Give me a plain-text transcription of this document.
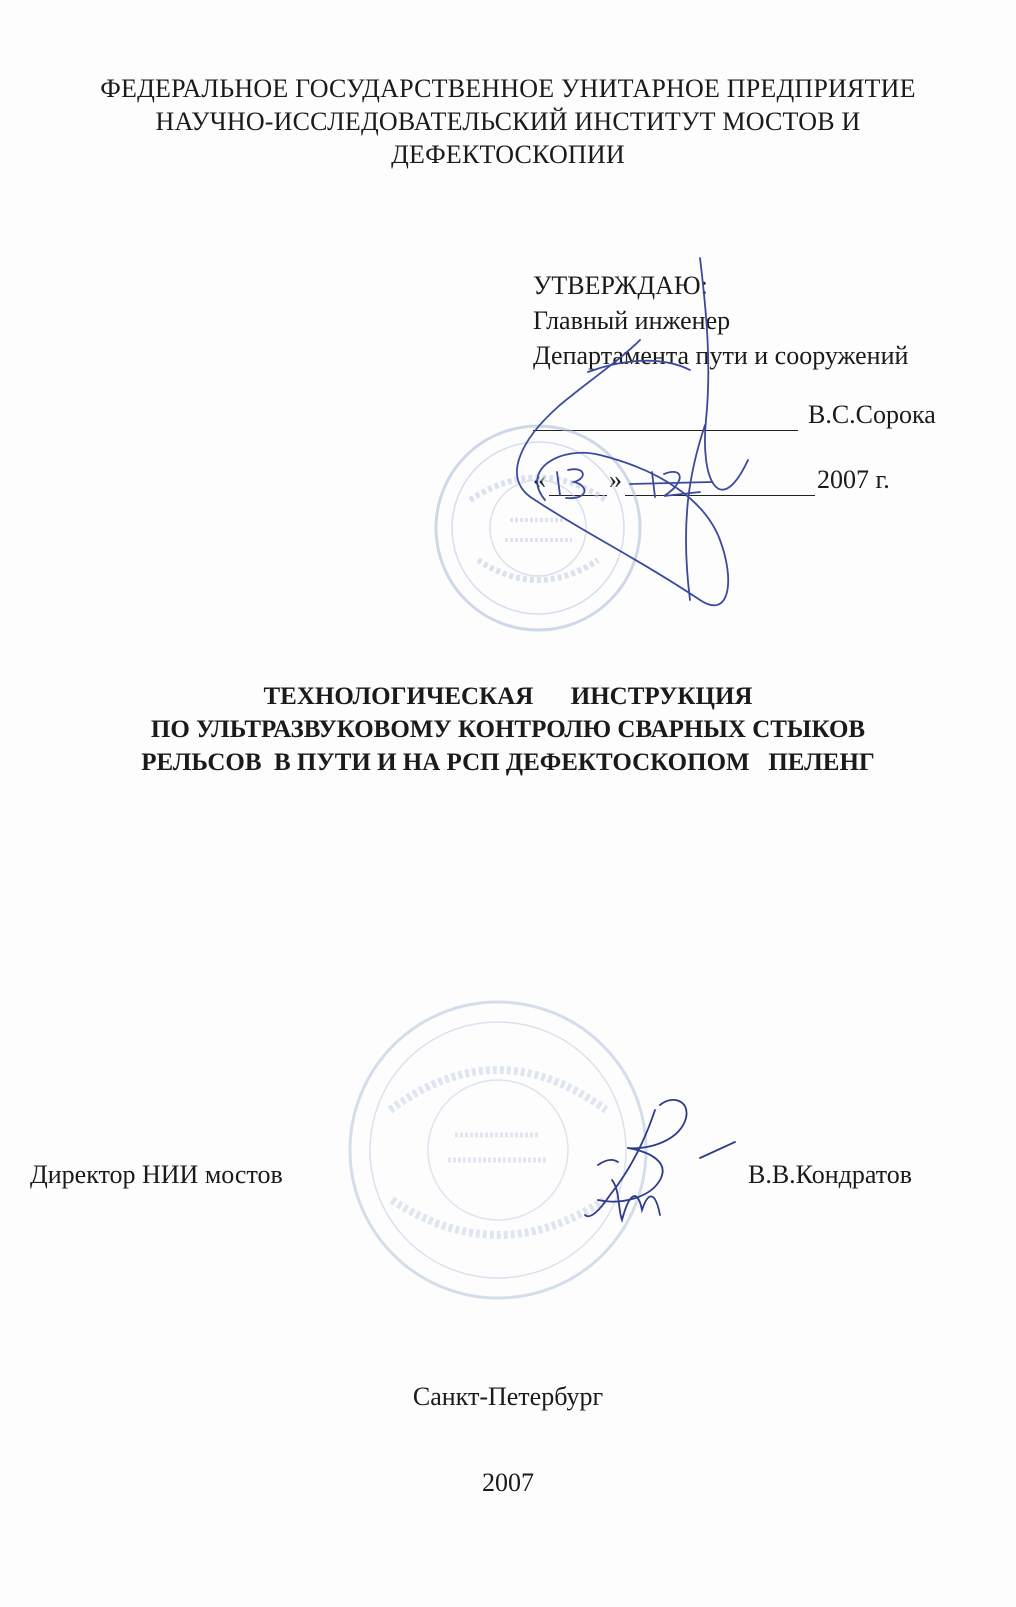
ФЕДЕРАЛЬНОЕ ГОСУДАРСТВЕННОЕ УНИТАРНОЕ ПРЕДПРИЯТИЕ
НАУЧНО-ИССЛЕДОВАТЕЛЬСКИЙ ИНСТИТУТ МОСТОВ И
ДЕФЕКТОСКОПИИ
УТВЕРЖДАЮ:
Главный инженер
Департамента пути и сооружений
В.С.Сорока
« »	2007 г.
ТЕХНОЛОГИЧЕСКАЯ      ИНСТРУКЦИЯ
ПО УЛЬТРАЗВУКОВОМУ КОНТРОЛЮ СВАРНЫХ СТЫКОВ
РЕЛЬСОВ  В ПУТИ И НА РСП ДЕФЕКТОСКОПОМ   ПЕЛЕНГ
Директор НИИ мостов	В.В.Кондратов
Санкт-Петербург
2007
